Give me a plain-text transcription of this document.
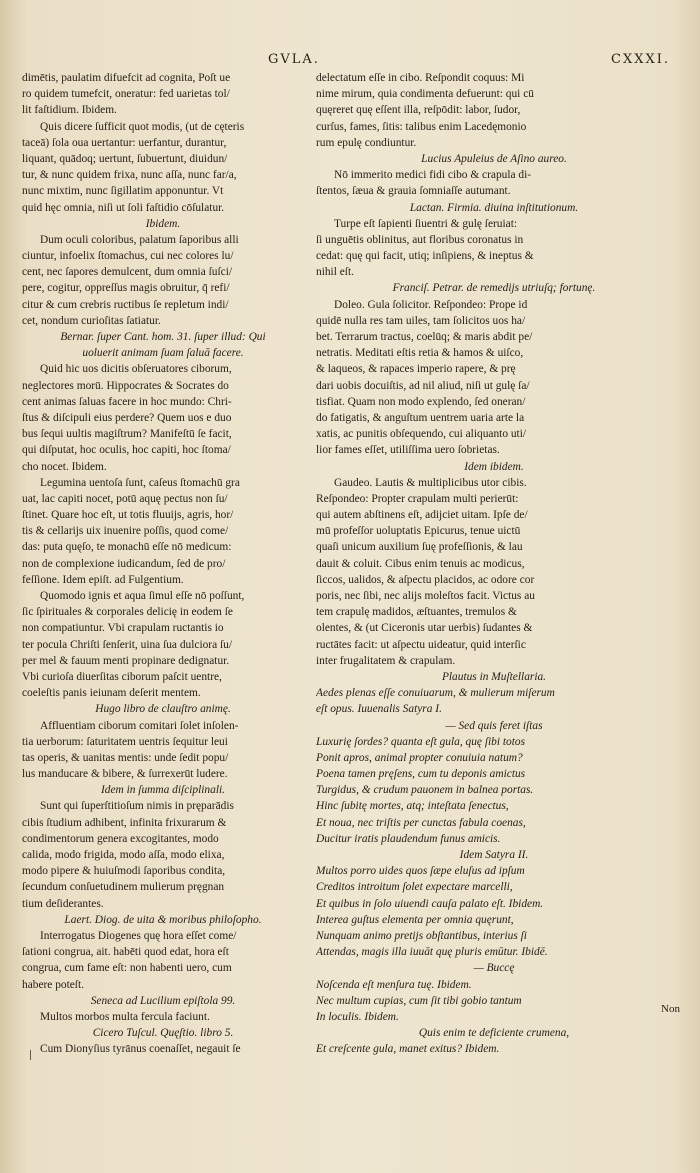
GVLA.	CXXXI.
dimētis, paulatim difuefcit ad cognita, Poſt ue
ro quidem tumefcit, oneratur: fed uarietas tol/
lit faſtidium. Ibidem.
Quis dicere ſufficit quot modis, (ut de cęteris
taceā) ſola oua uertantur: uerfantur, durantur,
liquant, quādoq; uertunt, ſubuertunt, diuidun/
tur, & nunc quidem frixa, nunc aſſa, nunc far/a,
nunc mixtim, nunc ſigillatim apponuntur. Vt
quid hęc omnia, niſi ut ſoli faſtidio cōſulatur.
Ibidem.
Dum oculi coloribus, palatum ſaporibus alli
ciuntur, infoelix ſtomachus, cui nec colores lu/
cent, nec ſapores demulcent, dum omnia ſuſci/
pere, cogitur, oppreſſus magis obruitur, q̄ refi/
citur & cum crebris ructibus ſe repletum indi/
cet, nondum curioſitas ſatiatur.
Bernar. ſuper Cant. hom. 31. ſuper illud: Qui
uoluerit animam ſuam ſaluā facere.
Quid hic uos dicitis obſeruatores ciborum,
neglectores morū. Hippocrates & Socrates do
cent animas ſaluas facere in hoc mundo: Chri-
ſtus & diſcipuli eius perdere? Quem uos e duo
bus ſequi uultis magiſtrum? Manifeſtū ſe facit,
qui diſputat, hoc oculis, hoc capiti, hoc ſtoma/
cho nocet. Ibidem.
Legumina uentoſa ſunt, caſeus ſtomachū gra
uat, lac capiti nocet, potū aquę pectus non ſu/
ſtinet. Quare hoc eſt, ut totis fluuijs, agris, hor/
tis & cellarijs uix inuenire poſſis, quod come/
das: puta quęſo, te monachū eſſe nō medicum:
non de complexione iudicandum, ſed de pro/
feſſione. Idem epiſt. ad Fulgentium.
Quomodo ignis et aqua ſimul eſſe nō poſſunt,
ſic ſpirituales & corporales delicię in eodem ſe
non compatiuntur. Vbi crapulam ructantis io
ter pocula Chriſti ſenſerit, uina ſua dulciora ſu/
per mel & fauum menti propinare dedignatur.
Vbi curioſa diuerſitas ciborum paſcit uentre,
coeleſtis panis ieiunam deſerit mentem.
Hugo libro de clauſtro animę.
Affluentiam ciborum comitari ſolet inſolen-
tia uerborum: ſaturitatem uentris ſequitur leui
tas operis, & uanitas mentis: unde ſedit popu/
lus manducare & bibere, & ſurrexerūt ludere.
Idem in ſumma diſciplinali.
Sunt qui ſuperſtitioſum nimis in pręparādis
cibis ſtudium adhibent, infinita frixurarum &
condimentorum genera excogitantes, modo
calida, modo frigida, modo aſſa, modo elixa,
modo pipere & huiuſmodi ſaporibus condita,
ſecundum conſuetudinem mulierum pręgnan
tium deſiderantes.
Laert. Diog. de uita & moribus philoſopho.
Interrogatus Diogenes quę hora eſſet come/
ſationi congrua, ait. habēti quod edat, hora eſt
congrua, cum fame eſt: non habenti uero, cum
habere poteſt.
Seneca ad Lucilium epiſtola 99.
Multos morbos multa fercula faciunt.
Cicero Tuſcul. Quęſtio. libro 5.
Cum Dionyſius tyrānus coenaſſet, negauit ſe
delectatum eſſe in cibo. Reſpondit coquus: Mi
nime mirum, quia condimenta defuerunt: qui cū
quęreret quę eſſent illa, reſpōdit: labor, ſudor,
curſus, fames, ſitis: talibus enim Lacedęmonio
rum epulę condiuntur.
Lucius Apuleius de Aſino aureo.
Nō immerito medici fidi cibo & crapula di-
ſtentos, ſæua & grauia ſomniaſſe autumant.
Lactan. Firmia. diuina inſtitutionum.
Turpe eſt ſapienti ſiuentri & gulę ſeruiat:
ſi unguētis oblinitus, aut floribus coronatus in
cedat: quę qui facit, utiq; inſipiens, & ineptus &
nihil eſt.
Franciſ. Petrar. de remedijs utriuſq; fortunę.
Doleo. Gula ſolicitor. Reſpondeo: Prope id
quidē nulla res tam uiles, tam ſolicitos uos ha/
bet. Terrarum tractus, coelūq; & maris abdit pe/
netratis. Meditati eſtis retia & hamos & uiſco,
& laqueos, & rapaces imperio rapere, & prę
dari uobis docuiſtis, ad nil aliud, niſi ut gulę ſa/
tisfiat. Quam non modo explendo, ſed oneran/
do fatigatis, & anguſtum uentrem uaria arte la
xatis, ac punitis obſequendo, cui aliquanto uti/
lior fames eſſet, utiliſſima uero ſobrietas.
Idem ibidem.
Gaudeo. Lautis & multiplicibus utor cibis.
Reſpondeo: Propter crapulam multi perierūt:
qui autem abſtinens eſt, adijciet uitam. Ipſe de/
mū profeſſor uoluptatis Epicurus, tenue uictū
quaſi unicum auxilium ſuę profeſſionis, & lau
dauit & coluit. Cibus enim tenuis ac modicus,
ſiccos, ualidos, & aſpectu placidos, ac odore cor
poris, nec ſibi, nec alijs moleſtos facit. Victus au
tem crapulę madidos, æſtuantes, tremulos &
olentes, & (ut Ciceronis utar uerbis) ſudantes &
ructātes facit: ut aſpectu uideatur, quid interſic
inter frugalitatem & crapulam.
Plautus in Muſtellaria.
Aedes plenas eſſe conuiuarum, & mulierum miſerum
eſt opus. Iuuenalis Satyra I.
— Sed quis feret iſtas
Luxurię ſordes? quanta eſt gula, quę ſibi totos
Ponit apros, animal propter conuiuia natum?
Poena tamen pręſens, cum tu deponis amictus
Turgidus, & crudum pauonem in balnea portas.
Hinc ſubitę mortes, atq; inteſtata ſenectus,
Et noua, nec triſtis per cunctas fabula coenas,
Ducitur iratis plaudendum funus amicis.
Idem Satyra II.
Multos porro uides quos ſæpe eluſus ad ipſum
Creditos introitum ſolet expectare marcelli,
Et quibus in ſolo uiuendi cauſa palato eſt. Ibidem.
Interea guſtus elementa per omnia quęrunt,
Nunquam animo pretijs obſtantibus, interius ſi
Attendas, magis illa iuuāt quę pluris emūtur. Ibidē.
— Buccę
Noſcenda eſt menſura tuę. Ibidem.
Nec multum cupias, cum ſit tibi gobio tantum
In loculis. Ibidem.
Quis enim te deficiente crumena,
Et creſcente gula, manet exitus? Ibidem.
Non
